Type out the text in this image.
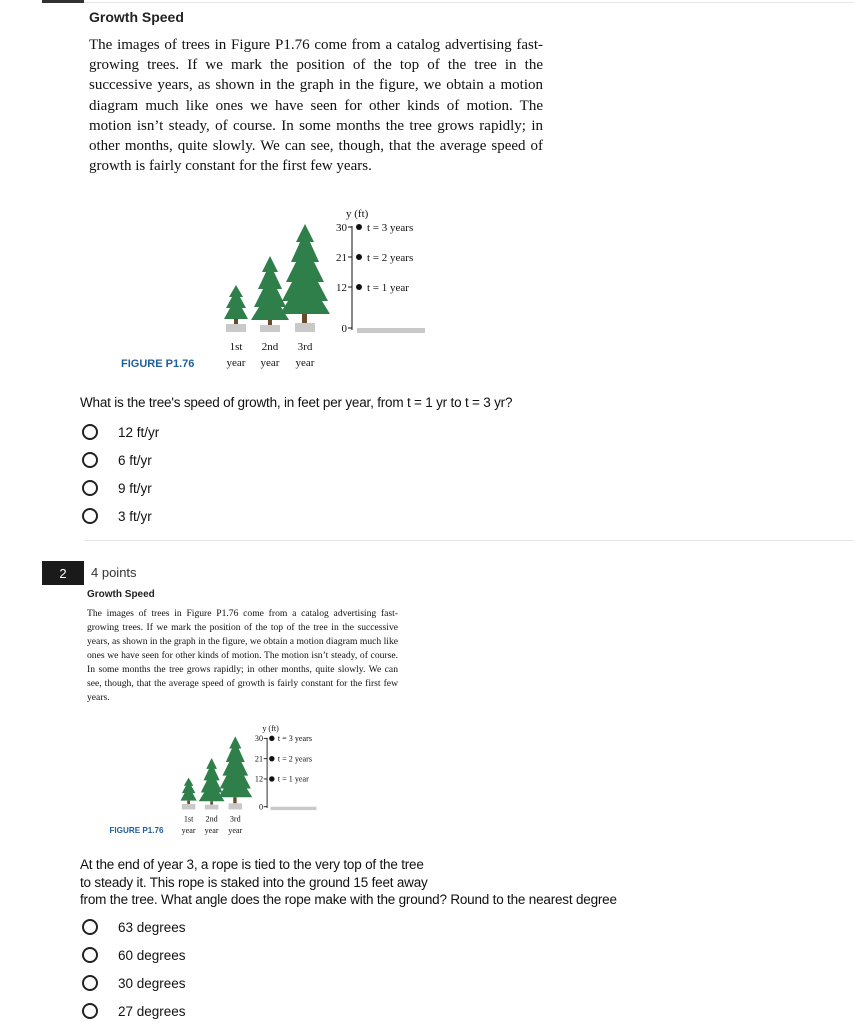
Growth Speed
The images of trees in Figure P1.76 come from a catalog advertising fast-growing trees. If we mark the position of the top of the tree in the successive years, as shown in the graph in the figure, we obtain a motion diagram much like ones we have seen for other kinds of motion. The motion isn’t steady, of course. In some months the tree grows rapidly; in other months, quite slowly. We can see, though, that the average speed of growth is fairly constant for the first few years.
y (ft)
30
21
12
0
t = 3 years
t = 2 years
t = 1 year
1st
year
2nd
year
3rd
year
FIGURE P1.76
What is the tree's speed of growth, in feet per year, from t = 1 yr to t = 3 yr?
12 ft/yr
6 ft/yr
9 ft/yr
3 ft/yr
2	4 points
Growth Speed
The images of trees in Figure P1.76 come from a catalog advertising fast-growing trees. If we mark the position of the top of the tree in the successive years, as shown in the graph in the figure, we obtain a motion diagram much like ones we have seen for other kinds of motion. The motion isn’t steady, of course. In some months the tree grows rapidly; in other months, quite slowly. We can see, though, that the average speed of growth is fairly constant for the first few years.
y (ft)
30
21
12
0
t = 3 years
t = 2 years
t = 1 year
1st
year
2nd
year
3rd
year
FIGURE P1.76
At the end of year 3, a rope is tied to the very top of the tree
to steady it. This rope is staked into the ground 15 feet away
from the tree. What angle does the rope make with the ground? Round to the nearest degree
63 degrees
60 degrees
30 degrees
27 degrees
